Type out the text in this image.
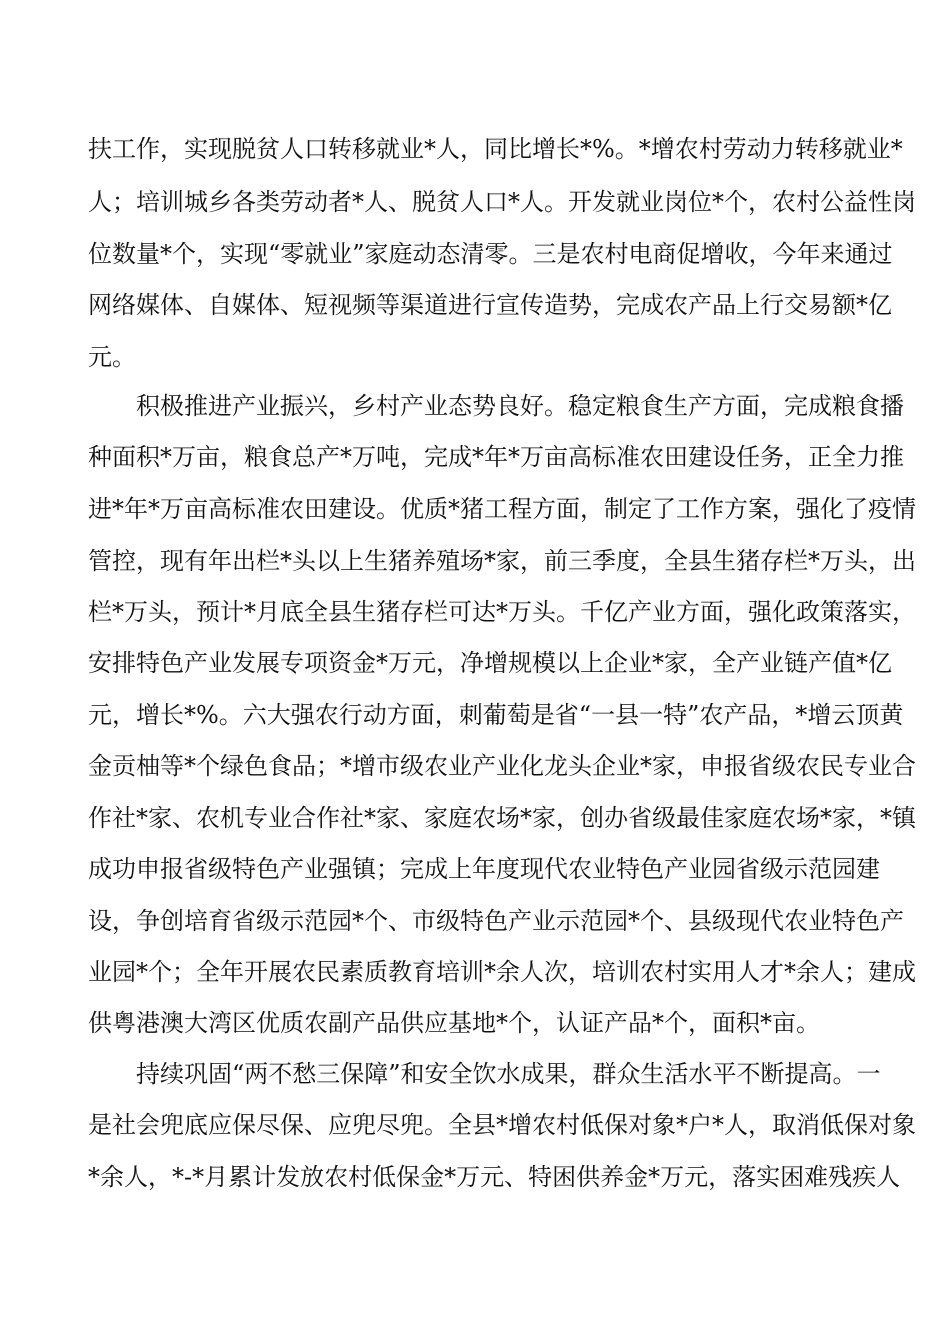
扶工作，实现脱贫人口转移就业*人，同比增长*%。*增农村劳动力转移就业*
人；培训城乡各类劳动者*人、脱贫人口*人。开发就业岗位*个，农村公益性岗
位数量*个，实现“零就业”家庭动态清零。三是农村电商促增收，今年来通过
网络媒体、自媒体、短视频等渠道进行宣传造势，完成农产品上行交易额*亿
元。
积极推进产业振兴，乡村产业态势良好。稳定粮食生产方面，完成粮食播
种面积*万亩，粮食总产*万吨，完成*年*万亩高标准农田建设任务，正全力推
进*年*万亩高标准农田建设。优质*猪工程方面，制定了工作方案，强化了疫情
管控，现有年出栏*头以上生猪养殖场*家，前三季度，全县生猪存栏*万头，出
栏*万头，预计*月底全县生猪存栏可达*万头。千亿产业方面，强化政策落实，
安排特色产业发展专项资金*万元，净增规模以上企业*家，全产业链产值*亿
元，增长*%。六大强农行动方面，刺葡萄是省“一县一特”农产品，*增云顶黄
金贡柚等*个绿色食品；*增市级农业产业化龙头企业*家，申报省级农民专业合
作社*家、农机专业合作社*家、家庭农场*家，创办省级最佳家庭农场*家，*镇
成功申报省级特色产业强镇；完成上年度现代农业特色产业园省级示范园建
设，争创培育省级示范园*个、市级特色产业示范园*个、县级现代农业特色产
业园*个；全年开展农民素质教育培训*余人次，培训农村实用人才*余人；建成
供粤港澳大湾区优质农副产品供应基地*个，认证产品*个，面积*亩。
持续巩固“两不愁三保障”和安全饮水成果，群众生活水平不断提高。一
是社会兜底应保尽保、应兜尽兜。全县*增农村低保对象*户*人，取消低保对象
*余人，*-*月累计发放农村低保金*万元、特困供养金*万元，落实困难残疾人
